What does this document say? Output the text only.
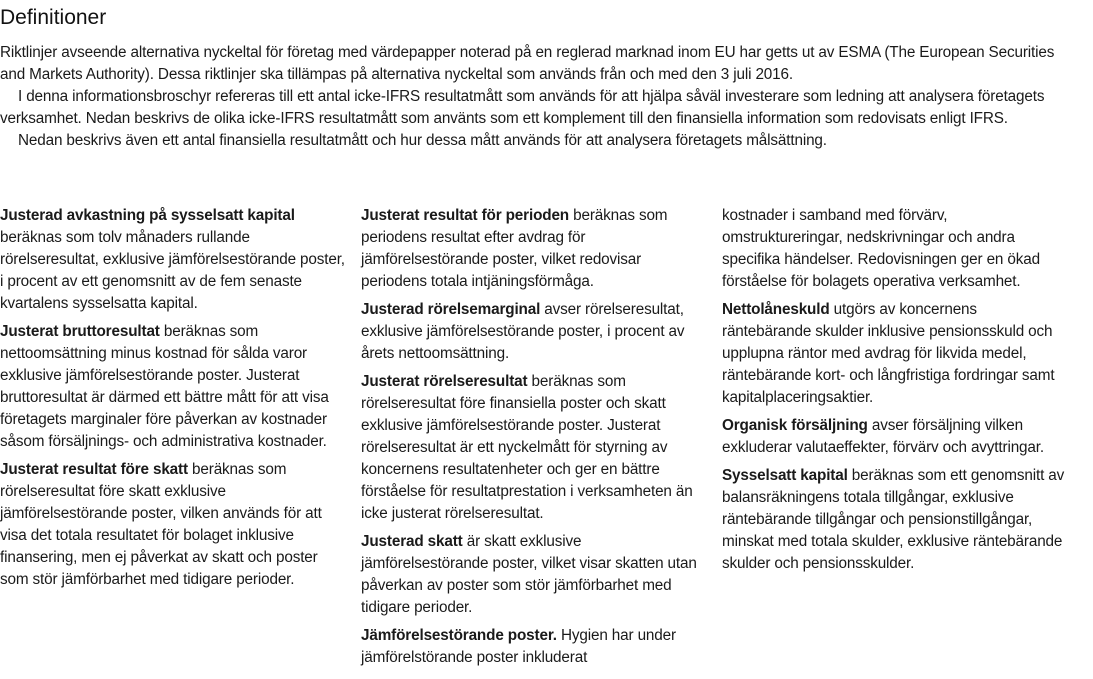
Definitioner

Riktlinjer avseende alternativa nyckeltal för företag med värdepapper noterad på en reglerad marknad inom EU har getts ut av ESMA (The European Securities and Markets Authority). Dessa riktlinjer ska tillämpas på alternativa nyckeltal som används från och med den 3 juli 2016.

I denna informationsbroschyr refereras till ett antal icke-IFRS resultatmått som används för att hjälpa såväl investerare som ledning att analysera företagets verksamhet. Nedan beskrivs de olika icke-IFRS resultatmått som använts som ett komplement till den finansiella information som redovisats enligt IFRS.

Nedan beskrivs även ett antal finansiella resultatmått och hur dessa mått används för att analysera företagets målsättning.

Justerad avkastning på sysselsatt kapital beräknas som tolv månaders rullande rörelseresultat, exklusive jämförelsestörande poster, i procent av ett genomsnitt av de fem senaste kvartalens sysselsatta kapital.

Justerat bruttoresultat beräknas som nettoomsättning minus kostnad för sålda varor exklusive jämförelsestörande poster. Justerat bruttoresultat är därmed ett bättre mått för att visa företagets marginaler före påverkan av kostnader såsom försäljnings- och administrativa kostnader.

Justerat resultat före skatt beräknas som rörelseresultat före skatt exklusive jämförelsestörande poster, vilken används för att visa det totala resultatet för bolaget inklusive finansering, men ej påverkat av skatt och poster som stör jämförbarhet med tidigare perioder.

Justerat resultat för perioden beräknas som periodens resultat efter avdrag för jämförelsestörande poster, vilket redovisar periodens totala intjäningsförmåga.

Justerad rörelsemarginal avser rörelseresultat, exklusive jämförelsestörande poster, i procent av årets nettoomsättning.

Justerat rörelseresultat beräknas som rörelseresultat före finansiella poster och skatt exklusive jämförelsestörande poster. Justerat rörelseresultat är ett nyckelmått för styrning av koncernens resultatenheter och ger en bättre förståelse för resultatprestation i verksamheten än icke justerat rörelseresultat.

Justerad skatt är skatt exklusive jämförelsestörande poster, vilket visar skatten utan påverkan av poster som stör jämförbarhet med tidigare perioder.

Jämförelsestörande poster. Hygien har under jämförelstörande poster inkluderat

kostnader i samband med förvärv, omstruktureringar, nedskrivningar och andra specifika händelser. Redovisningen ger en ökad förståelse för bolagets operativa verksamhet.

Nettolåneskuld utgörs av koncernens räntebärande skulder inklusive pensionsskuld och upplupna räntor med avdrag för likvida medel, räntebärande kort- och långfristiga fordringar samt kapitalplaceringsaktier.

Organisk försäljning avser försäljning vilken exkluderar valutaeffekter, förvärv och avyttringar.

Sysselsatt kapital beräknas som ett genomsnitt av balansräkningens totala tillgångar, exklusive räntebärande tillgångar och pensionstillgångar, minskat med totala skulder, exklusive räntebärande skulder och pensionsskulder.
